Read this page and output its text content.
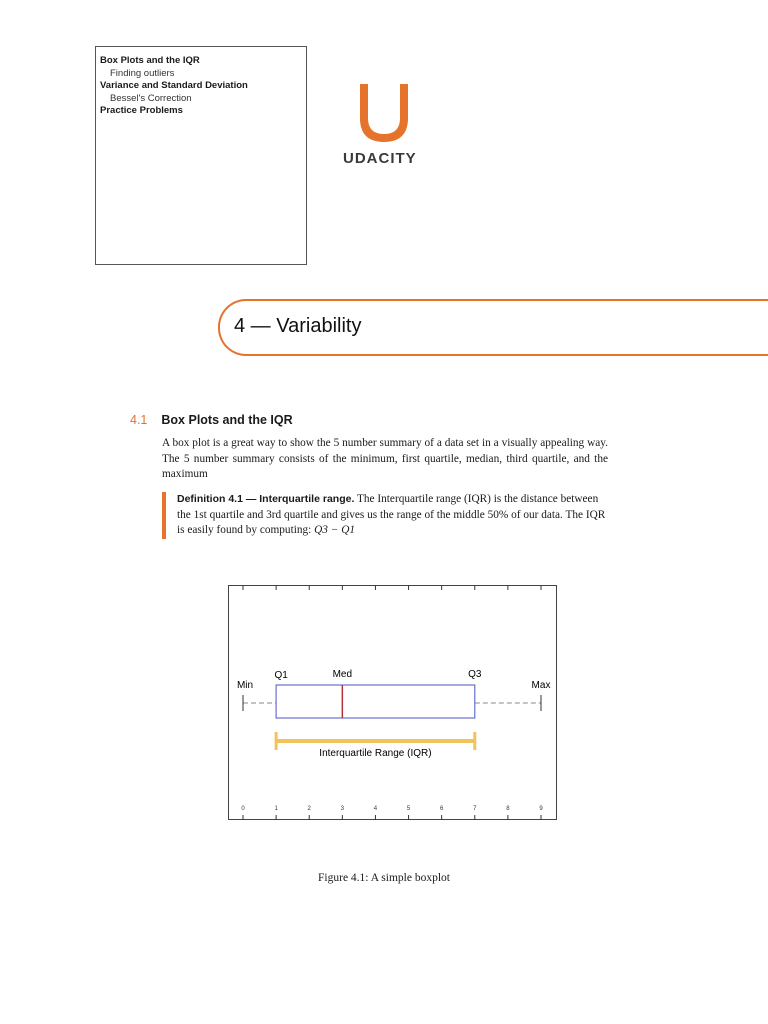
Box Plots and the IQR
Finding outliers
Variance and Standard Deviation
Bessel's Correction
Practice Problems
UDACITY
4 — Variability
4.1 Box Plots and the IQR
A box plot is a great way to show the 5 number summary of a data set in a visually appealing way. The 5 number summary consists of the minimum, first quartile, median, third quartile, and the maximum
Definition 4.1 — Interquartile range. The Interquartile range (IQR) is the distance between the 1st quartile and 3rd quartile and gives us the range of the middle 50% of our data. The IQR is easily found by computing: Q3 − Q1
0	1	2	3	4	5	6	7	8	9
Min
Q1	Med	Q3
Max
Interquartile Range (IQR)
Figure 4.1: A simple boxplot
